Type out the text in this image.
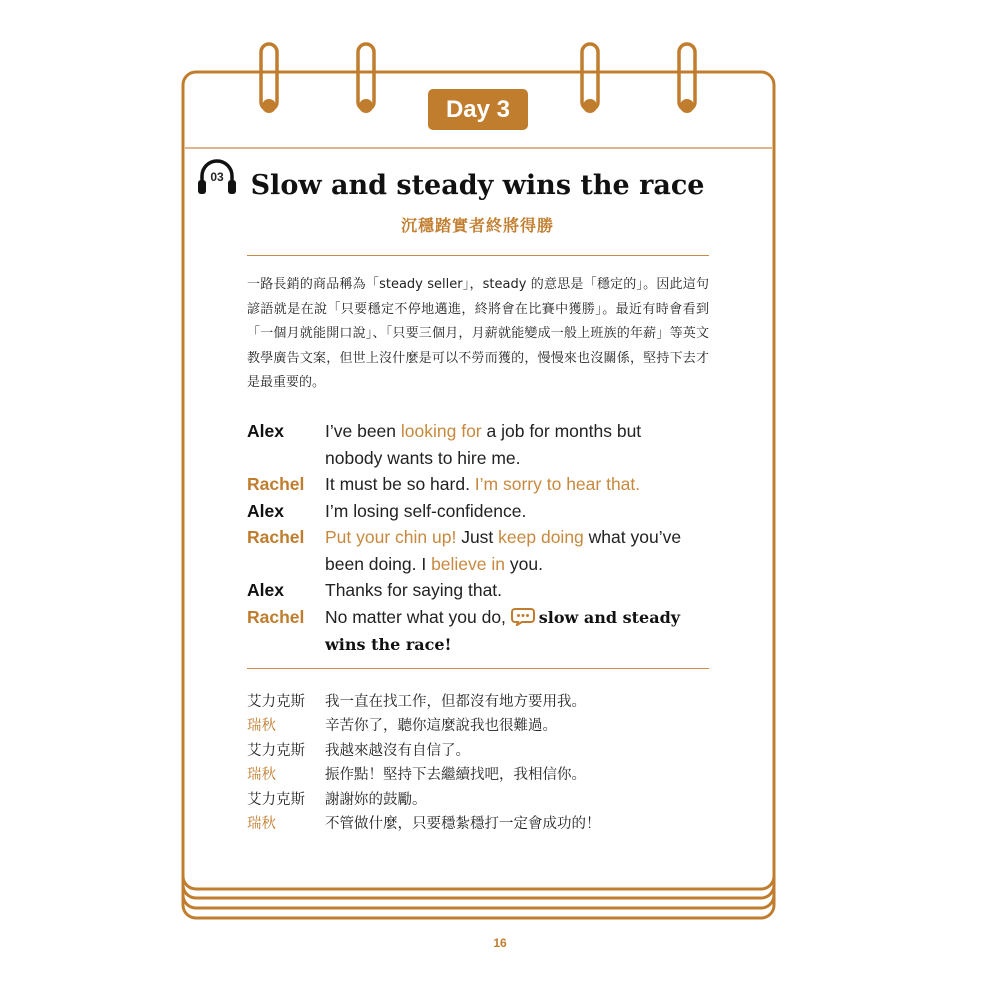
Day 3
03 Slow and steady wins the race
沉穩踏實者終將得勝
一路長銷的商品稱為「steady seller」，steady 的意思是「穩定的」。因此這句諺語就是在說「只要穩定不停地邁進，終將會在比賽中獲勝」。最近有時會看到「一個月就能開口說」、「只要三個月，月薪就能變成一般上班族的年薪」等英文教學廣告文案，但世上沒什麼是可以不勞而獲的，慢慢來也沒關係，堅持下去才是最重要的。
Alex I’ve been looking for a job for months but
nobody wants to hire me.
Rachel It must be so hard. I’m sorry to hear that.
Alex I’m losing self-confidence.
Rachel Put your chin up! Just keep doing what you’ve
been doing. I believe in you.
Alex Thanks for saying that.
Rachel No matter what you do, slow and steady
wins the race!
艾力克斯 我一直在找工作，但都沒有地方要用我。
瑞秋	辛苦你了，聽你這麼說我也很難過。
艾力克斯 我越來越沒有自信了。
瑞秋	振作點！堅持下去繼續找吧，我相信你。
艾力克斯 謝謝妳的鼓勵。
瑞秋	不管做什麼，只要穩紮穩打一定會成功的！
16
